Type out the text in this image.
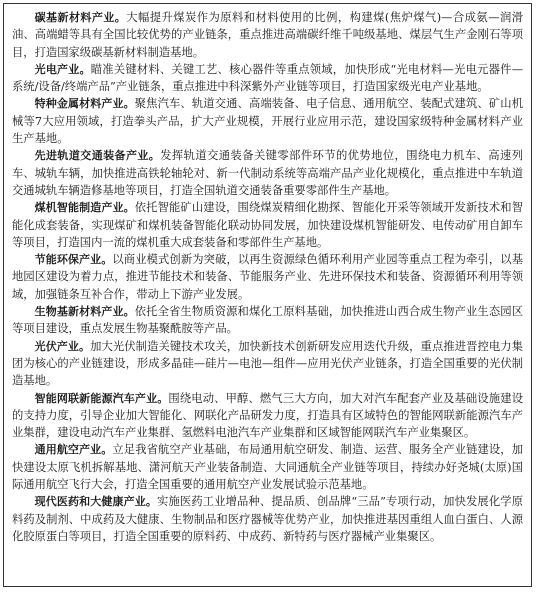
碳基新材料产业。大幅提升煤炭作为原料和材料使用的比例，构建煤(焦炉煤气)—合成氨—润滑油、高端蜡等具有全国比较优势的产业链条，重点推进高端碳纤维千吨级基地、煤层气生产金刚石等项目，打造国家级碳基新材料制造基地。

光电产业。瞄准关键材料、关键工艺、核心器件等重点领域，加快形成“光电材料—光电元器件—系统/设备/终端产品”产业链条，重点推进中科深紫外产业链等项目，打造国家级光电产业基地。

特种金属材料产业。聚焦汽车、轨道交通、高端装备、电子信息、通用航空、装配式建筑、矿山机械等7大应用领域，打造拳头产品，扩大产业规模，开展行业应用示范，建设国家级特种金属材料产业生产基地。

先进轨道交通装备产业。发挥轨道交通装备关键零部件环节的优势地位，围绕电力机车、高速列车、城轨车辆，加快推进高铁轮轴轮对、新一代制动系统等高端产品产业化规模化，重点推进中车轨道交通城轨车辆造修基地等项目，打造全国轨道交通装备重要零部件生产基地。

煤机智能制造产业。依托智能矿山建设，围绕煤炭精细化勘探、智能化开采等领域开发新技术和智能化成套装备，实现煤矿和煤机装备智能化联动协同发展，加快建设煤机智能研发、电传动矿用自卸车等项目，打造国内一流的煤机重大成套装备和零部件生产基地。

节能环保产业。以商业模式创新为突破，以再生资源绿色循环利用产业园等重点工程为牵引，以基地园区建设为着力点，推进节能技术和装备、节能服务产业、先进环保技术和装备、资源循环利用等领域，加强链条互补合作，带动上下游产业发展。

生物基新材料产业。依托全省生物质资源和煤化工原料基础，加快推进山西合成生物产业生态园区等项目建设，重点发展生物基聚酰胺等产品。

光伏产业。加大光伏制造关键技术攻关，加快新技术创新研发应用迭代升级，重点推进晋控电力集团为核心的产业链建设，形成多晶硅—硅片—电池—组件—应用光伏产业链条，打造全国重要的光伏制造基地。

智能网联新能源汽车产业。围绕电动、甲醇、燃气三大方向，加大对汽车配套产业及基础设施建设的支持力度，引导企业加大智能化、网联化产品研发力度，打造具有区域特色的智能网联新能源汽车产业集群，建设电动汽车产业集群、氢燃料电池汽车产业集群和区域智能网联汽车产业集聚区。

通用航空产业。立足我省航空产业基础，布局通用航空研发、制造、运营、服务全产业链建设，加快建设太原飞机拆解基地、潇河航天产业装备制造、大同通航全产业链等项目，持续办好尧城(太原)国际通用航空飞行大会，打造全国重要的通用航空产业发展试验示范基地。

现代医药和大健康产业。实施医药工业增品种、提品质、创品牌“三品”专项行动，加快发展化学原料药及制剂、中成药及大健康、生物制品和医疗器械等优势产业，加快推进基因重组人血白蛋白、人源化胶原蛋白等项目，打造全国重要的原料药、中成药、新特药与医疗器械产业集聚区。
